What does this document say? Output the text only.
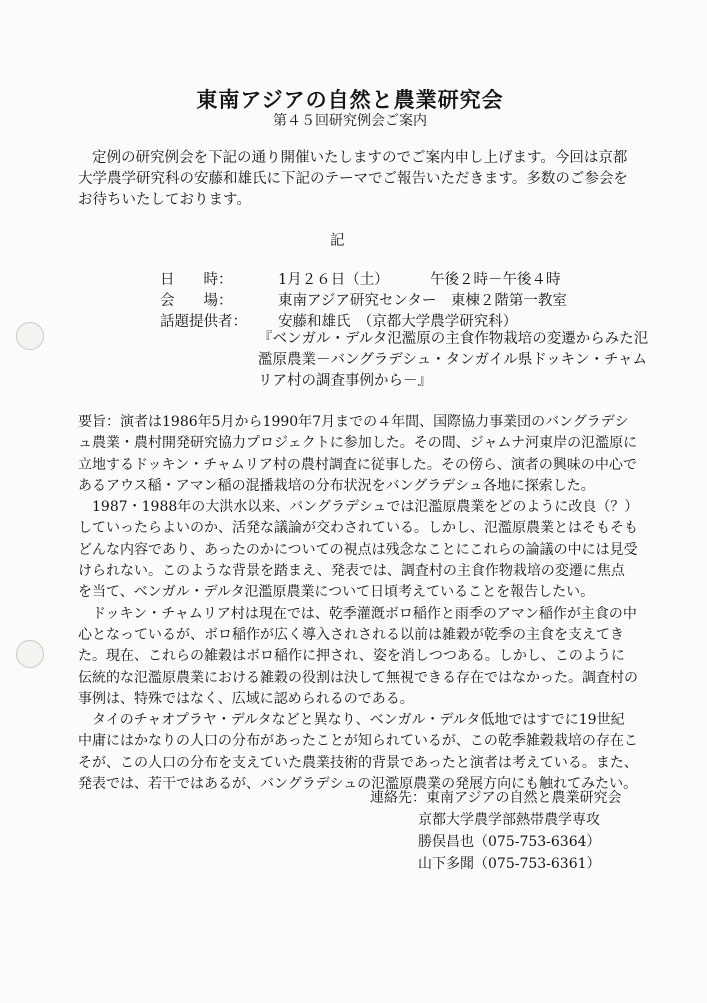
東南アジアの自然と農業研究会
第４５回研究例会ご案内
定例の研究例会を下記の通り開催いたしますのでご案内申し上げます。今回は京都大学農学研究科の安藤和雄氏に下記のテーマでご報告いただきます。多数のご参会をお待ちいたしております。
記
日　　時：	1月２６日（土）	午後２時－午後４時
会　　場：	東南アジア研究センター　東棟２階第一教室
話題提供者：	安藤和雄氏　（京都大学農学研究科）
『ベンガル・デルタ氾濫原の主食作物栽培の変遷からみた氾濫原農業－バングラデシュ・タンガイル県ドッキン・チャムリア村の調査事例から－』

要旨：演者は1986年5月から1990年7月までの４年間、国際協力事業団のバングラデシュ農業・農村開発研究協力プロジェクトに参加した。その間、ジャムナ河東岸の氾濫原に立地するドッキン・チャムリア村の農村調査に従事した。その傍ら、演者の興味の中心であるアウス稲・アマン稲の混播栽培の分布状況をバングラデシュ各地に探索した。

1987・1988年の大洪水以来、バングラデシュでは氾濫原農業をどのように改良（？）していったらよいのか、活発な議論が交わされている。しかし、氾濫原農業とはそもそもどんな内容であり、あったのかについての視点は残念なことにこれらの論議の中には見受けられない。このような背景を踏まえ、発表では、調査村の主食作物栽培の変遷に焦点を当て、ベンガル・デルタ氾濫原農業について日頃考えていることを報告したい。

ドッキン・チャムリア村は現在では、乾季灌漑ボロ稲作と雨季のアマン稲作が主食の中心となっているが、ボロ稲作が広く導入されされる以前は雑穀が乾季の主食を支えてきた。現在、これらの雑穀はボロ稲作に押され、姿を消しつつある。しかし、このように伝統的な氾濫原農業における雑穀の役割は決して無視できる存在ではなかった。調査村の事例は、特殊ではなく、広域に認められるのである。

タイのチャオプラヤ・デルタなどと異なり、ベンガル・デルタ低地ではすでに19世紀中庸にはかなりの人口の分布があったことが知られているが、この乾季雑穀栽培の存在こそが、この人口の分布を支えていた農業技術的背景であったと演者は考えている。また、発表では、若干ではあるが、バングラデシュの氾濫原農業の発展方向にも触れてみたい。

連絡先：東南アジアの自然と農業研究会
京都大学農学部熱帯農学専攻
勝俣昌也（075-753-6364）
山下多聞（075-753-6361）
